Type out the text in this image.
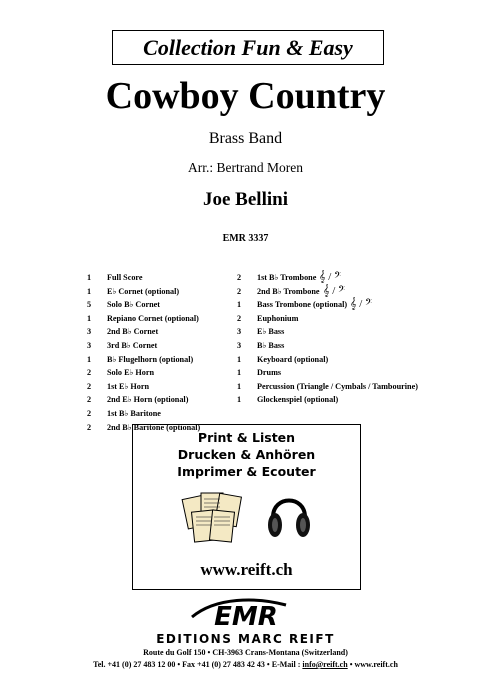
Collection Fun & Easy
Cowboy Country
Brass Band
Arr.: Bertrand Moren
Joe Bellini
EMR 3337
1	Full Score
1	E♭ Cornet (optional)
5	Solo B♭ Cornet
1	Repiano Cornet (optional)
3	2nd B♭ Cornet
3	3rd B♭ Cornet
1	B♭ Flugelhorn (optional)
2	Solo E♭ Horn
2	1st E♭ Horn
2	2nd E♭ Horn (optional)
2	1st B♭ Baritone
2	2nd B♭ Baritone (optional)
2	1st B♭ Trombone 𝄞 / 𝄢
2	2nd B♭ Trombone 𝄞 / 𝄢
1	Bass Trombone (optional) 𝄞 / 𝄢
2	Euphonium
3	E♭ Bass
3	B♭ Bass
1	Keyboard (optional)
1	Drums
1	Percussion (Triangle / Cymbals / Tambourine)
1	Glockenspiel (optional)
Print & Listen
Drucken & Anhören
Imprimer & Ecouter
www.reift.ch
EMR
EDITIONS MARC REIFT
Route du Golf 150 • CH-3963 Crans-Montana (Switzerland)
Tel. +41 (0) 27 483 12 00 • Fax +41 (0) 27 483 42 43 • E-Mail : info@reift.ch • www.reift.ch
